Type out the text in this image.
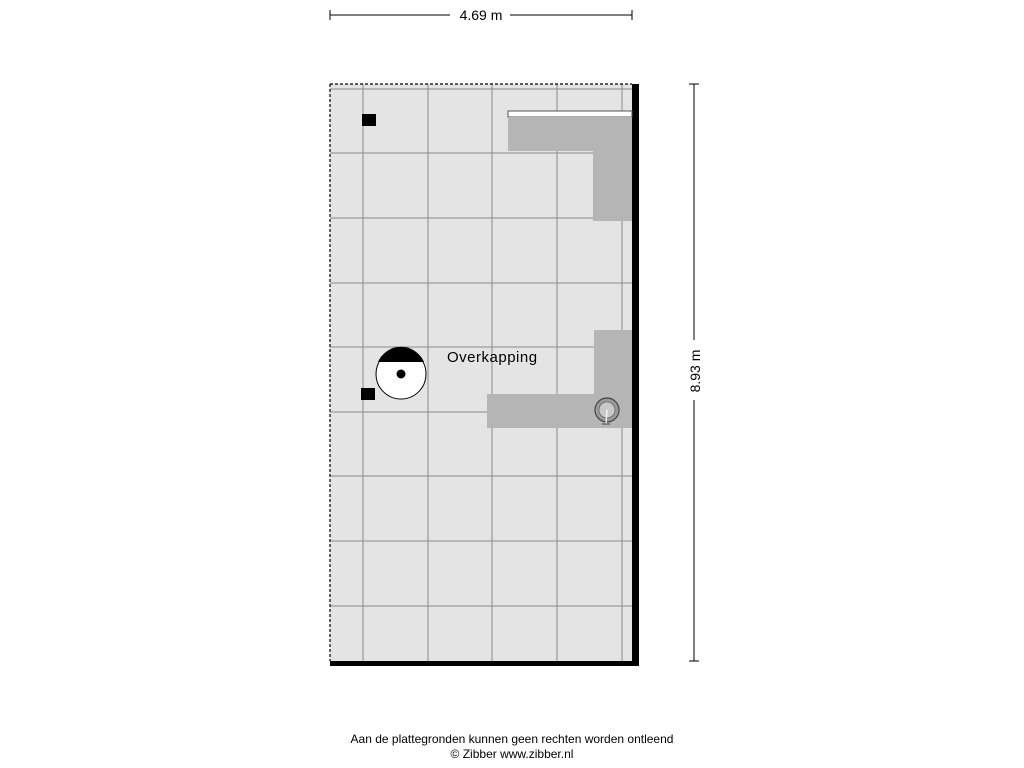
4.69 m
8.93 m
Overkapping
Aan de plattegronden kunnen geen rechten worden ontleend
© Zibber www.zibber.nl
